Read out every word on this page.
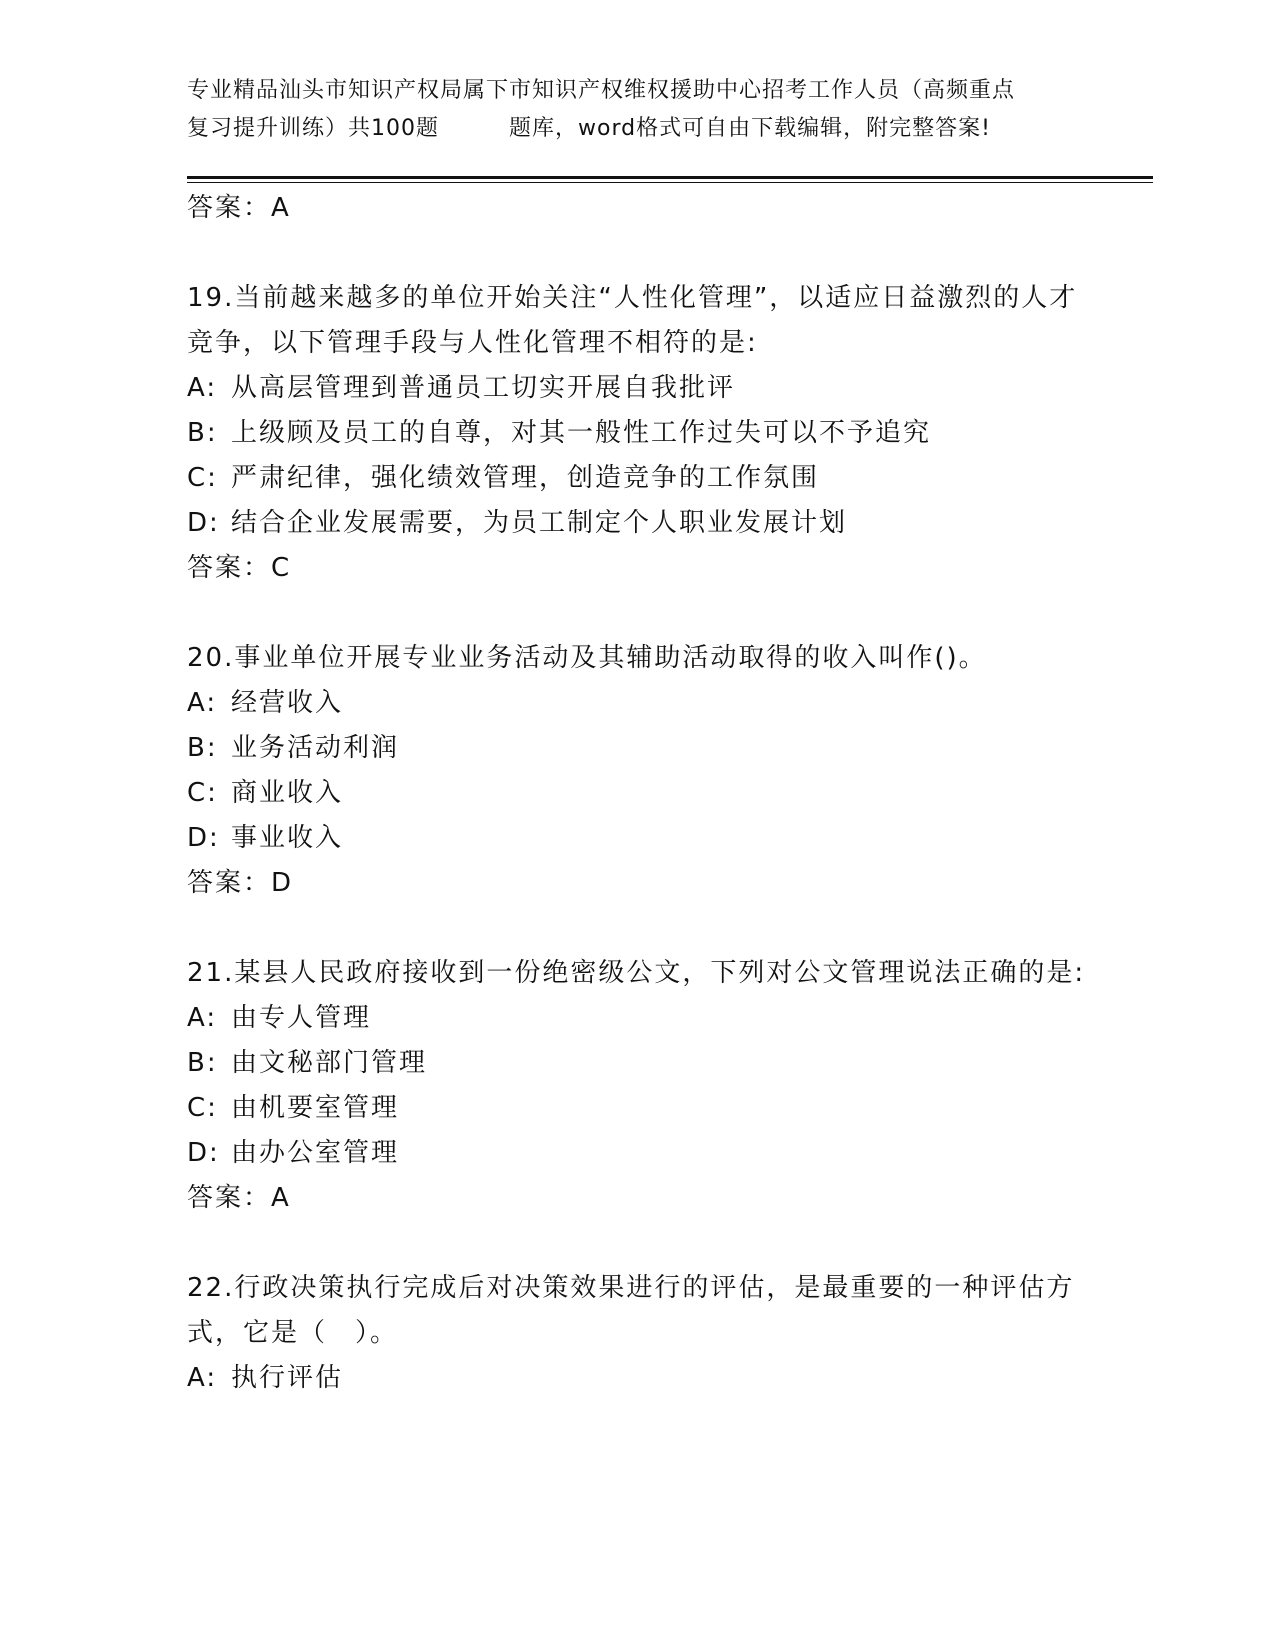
专业精品汕头市知识产权局属下市知识产权维权援助中心招考工作人员（高频重点
复习提升训练）共100题	题库，word格式可自由下载编辑，附完整答案!
答案：A
19.当前越来越多的单位开始关注“人性化管理”，以适应日益激烈的人才竞争，以下管理手段与人性化管理不相符的是:
A: 从高层管理到普通员工切实开展自我批评
B: 上级顾及员工的自尊，对其一般性工作过失可以不予追究
C: 严肃纪律，强化绩效管理，创造竞争的工作氛围
D: 结合企业发展需要，为员工制定个人职业发展计划
答案：C
20.事业单位开展专业业务活动及其辅助活动取得的收入叫作()。
A: 经营收入
B: 业务活动利润
C: 商业收入
D: 事业收入
答案：D
21.某县人民政府接收到一份绝密级公文，下列对公文管理说法正确的是:
A: 由专人管理
B: 由文秘部门管理
C: 由机要室管理
D: 由办公室管理
答案：A
22.行政决策执行完成后对决策效果进行的评估，是最重要的一种评估方式，它是（　）。
A: 执行评估
